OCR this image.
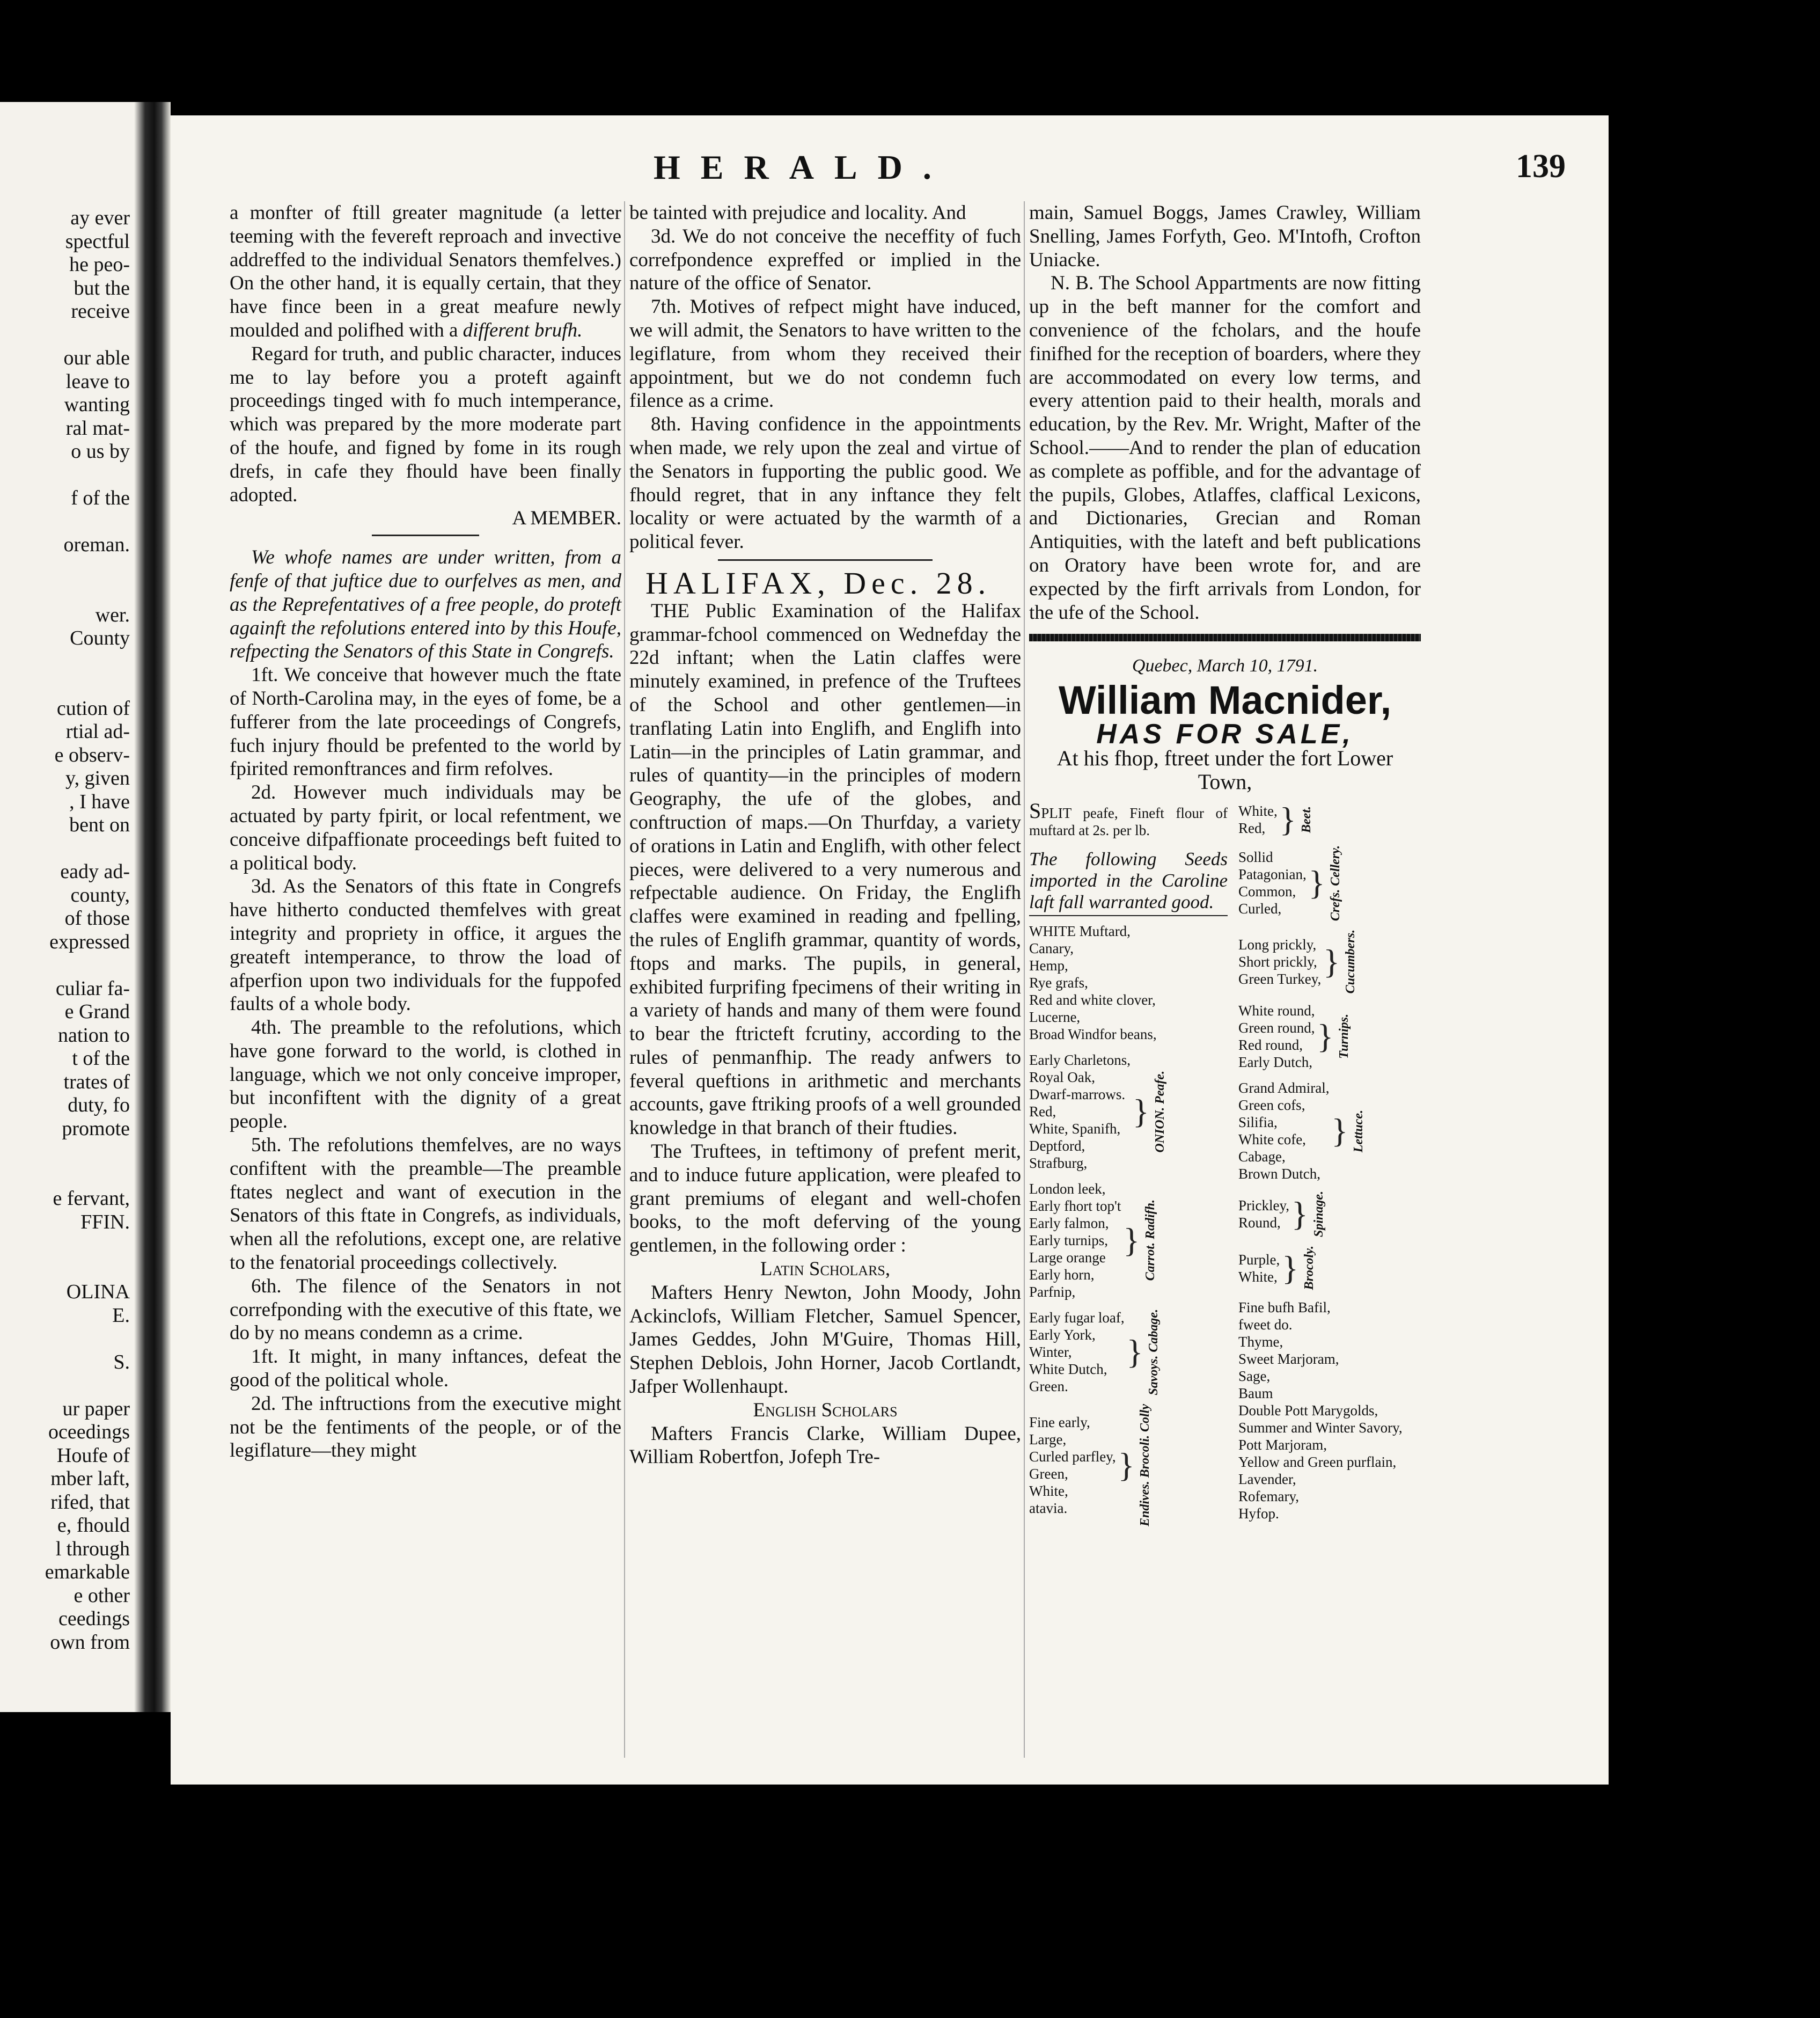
ay ever
spectful
he peo-
but the
receive

our able
leave to
wanting
ral mat-
o us by

f of the

oreman.

wer.
County

cution of
rtial ad-
e observ-
y, given
, I have
bent on

eady ad-
county,
of those
expressed

culiar fa-
e Grand
nation to
t of the
trates of
duty, fo
promote

e fervant,
FFIN.

OLINA
E.

S.

ur paper
oceedings
Houfe of
mber laft,
rifed, that
e, fhould
l through
emarkable
e other
ceedings
own from
HERALD.	139

a monfter of ftill greater magnitude (a letter teeming with the fevereft reproach and invective addreffed to the individual Senators themfelves.) On the other hand, it is equally certain, that they have fince been in a great meafure newly moulded and polifhed with a different brufh.

Regard for truth, and public character, induces me to lay before you a proteft againft proceedings tinged with fo much intemperance, which was prepared by the more moderate part of the houfe, and figned by fome in its rough drefs, in cafe they fhould have been finally adopted.

A MEMBER.

We whofe names are under written, from a fenfe of that juftice due to ourfelves as men, and as the Reprefentatives of a free people, do proteft againft the refolutions entered into by this Houfe, refpecting the Senators of this State in Congrefs.

1ft. We conceive that however much the ftate of North-Carolina may, in the eyes of fome, be a fufferer from the late proceedings of Congrefs, fuch injury fhould be prefented to the world by fpirited remonftrances and firm refolves.

2d. However much individuals may be actuated by party fpirit, or local refentment, we conceive difpaffionate proceedings beft fuited to a political body.

3d. As the Senators of this ftate in Congrefs have hitherto conducted themfelves with great integrity and propriety in office, it argues the greateft intemperance, to throw the load of afperfion upon two individuals for the fuppofed faults of a whole body.

4th. The preamble to the refolutions, which have gone forward to the world, is clothed in language, which we not only conceive improper, but inconfiftent with the dignity of a great people.

5th. The refolutions themfelves, are no ways confiftent with the preamble—The preamble ftates neglect and want of execution in the Senators of this ftate in Congrefs, as individuals, when all the refolutions, except one, are relative to the fenatorial proceedings collectively.

6th. The filence of the Senators in not correfponding with the executive of this ftate, we do by no means condemn as a crime.

1ft. It might, in many inftances, defeat the good of the political whole.

2d. The inftructions from the executive might not be the fentiments of the people, or of the legiflature—they might

be tainted with prejudice and locality. And

3d. We do not conceive the neceffity of fuch correfpondence expreffed or implied in the nature of the office of Senator.

7th. Motives of refpect might have induced, we will admit, the Senators to have written to the legiflature, from whom they received their appointment, but we do not condemn fuch filence as a crime.

8th. Having confidence in the appointments when made, we rely upon the zeal and virtue of the Senators in fupporting the public good. We fhould regret, that in any inftance they felt locality or were actuated by the warmth of a political fever.

HALIFAX, Dec. 28.

THE Public Examination of the Halifax grammar-fchool commenced on Wednefday the 22d inftant; when the Latin claffes were minutely examined, in prefence of the Truftees of the School and other gentlemen—in tranflating Latin into Englifh, and Englifh into Latin—in the principles of Latin grammar, and rules of quantity—in the principles of modern Geography, the ufe of the globes, and conftruction of maps.—On Thurfday, a variety of orations in Latin and Englifh, with other felect pieces, were delivered to a very numerous and refpectable audience. On Friday, the Englifh claffes were examined in reading and fpelling, the rules of Englifh grammar, quantity of words, ftops and marks. The pupils, in general, exhibited furprifing fpecimens of their writing in a variety of hands and many of them were found to bear the ftricteft fcrutiny, according to the rules of penmanfhip. The ready anfwers to feveral queftions in arithmetic and merchants accounts, gave ftriking proofs of a well grounded knowledge in that branch of their ftudies.

The Truftees, in teftimony of prefent merit, and to induce future application, were pleafed to grant premiums of elegant and well-chofen books, to the moft deferving of the young gentlemen, in the following order :

Latin Scholars,

Mafters Henry Newton, John Moody, John Ackinclofs, William Fletcher, Samuel Spencer, James Geddes, John M'Guire, Thomas Hill, Stephen Deblois, John Horner, Jacob Cortlandt, Jafper Wollenhaupt.

English Scholars

Mafters Francis Clarke, William Dupee, William Robertfon, Jofeph Tre-

main, Samuel Boggs, James Crawley, William Snelling, James Forfyth, Geo. M'Intofh, Crofton Uniacke.

N. B. The School Appartments are now fitting up in the beft manner for the comfort and convenience of the fcholars, and the houfe finifhed for the reception of boarders, where they are accommodated on every low terms, and every attention paid to their health, morals and education, by the Rev. Mr. Wright, Mafter of the School.——And to render the plan of education as complete as poffible, and for the advantage of the pupils, Globes, Atlaffes, claffical Lexicons, and Dictionaries, Grecian and Roman Antiquities, with the lateft and beft publications on Oratory have been wrote for, and are expected by the firft arrivals from London, for the ufe of the School.

Quebec, March 10, 1791.
William Macnider,
HAS FOR SALE,
At his fhop, ftreet under the fort Lower Town,
SPLIT peafe, Fineft flour of muftard at 2s. per lb.
The following Seeds imported in the Caroline laft fall warranted good.
WHITE Muftard,
Canary,
Hemp,
Rye grafs,
Red and white clover,
Lucerne,
Broad Windfor beans,
Early Charletons,
Royal Oak,
Dwarf-marrows.
Red,
White, Spanifh,
Deptford,
Strafburg,
} ONION. Peafe.
London leek,
Early fhort top't
Early falmon,
Early turnips,
Large orange
Early horn,
Parfnip,
} Carrot. Radifh.
Early fugar loaf,
Early York,
Winter,
White Dutch,
Green.
} Savoys. Cabage.
Fine early,
Large,
Curled parfley,
Green,
White,
atavia.
} Endives. Brocoli. Colly
White,
Red, } Beet.
Sollid
Patagonian,
Common,
Curled,
} Crefs. Cellery.
Long prickly,
Short prickly,
Green Turkey, } Cucumbers.
White round,
Green round,
Red round,
Early Dutch,
} Turnips.
Grand Admiral,
Green cofs,
Silifia,
White cofe,
Cabage,
Brown Dutch,
} Lettuce.
Prickley,
Round, } Spinage.
Purple,
White, } Brocoly.
Fine bufh Bafil,
fweet do.
Thyme,
Sweet Marjoram,
Sage,
Baum
Double Pott Marygolds,
Summer and Winter Savory,
Pott Marjoram,
Yellow and Green purflain,
Lavender,
Rofemary,
Hyfop.
